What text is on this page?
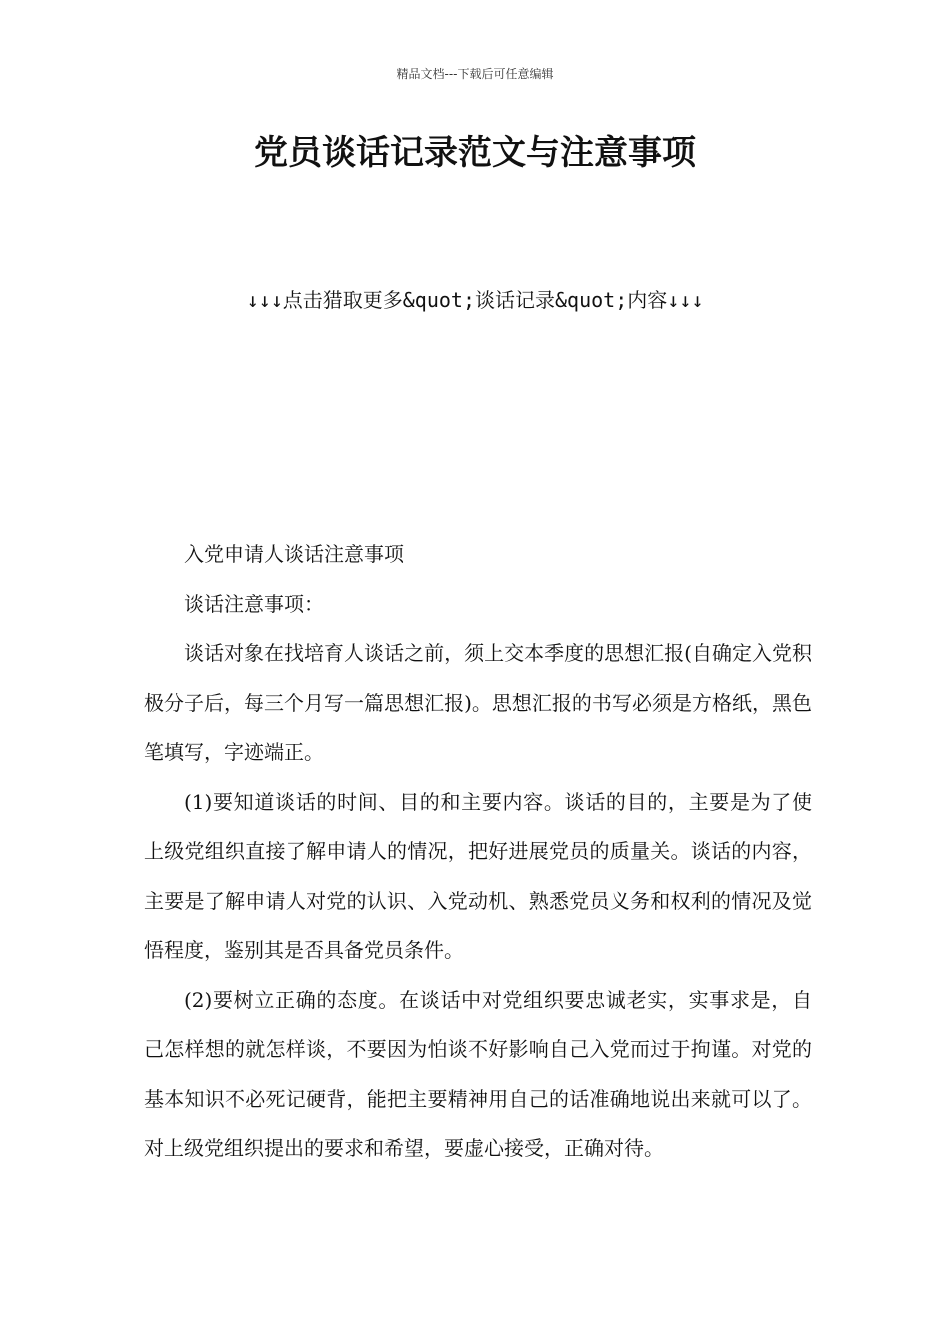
精品文档---下载后可任意编辑
党员谈话记录范文与注意事项
↓↓↓点击猎取更多&quot;谈话记录&quot;内容↓↓↓

入党申请人谈话注意事项

谈话注意事项：

谈话对象在找培育人谈话之前，须上交本季度的思想汇报(自确定入党积极分子后，每三个月写一篇思想汇报)。思想汇报的书写必须是方格纸，黑色笔填写，字迹端正。

(1)要知道谈话的时间、目的和主要内容。谈话的目的，主要是为了使上级党组织直接了解申请人的情况，把好进展党员的质量关。谈话的内容，主要是了解申请人对党的认识、入党动机、熟悉党员义务和权利的情况及觉悟程度，鉴别其是否具备党员条件。

(2)要树立正确的态度。在谈话中对党组织要忠诚老实，实事求是，自己怎样想的就怎样谈，不要因为怕谈不好影响自己入党而过于拘谨。对党的基本知识不必死记硬背，能把主要精神用自己的话准确地说出来就可以了。对上级党组织提出的要求和希望，要虚心接受，正确对待。
